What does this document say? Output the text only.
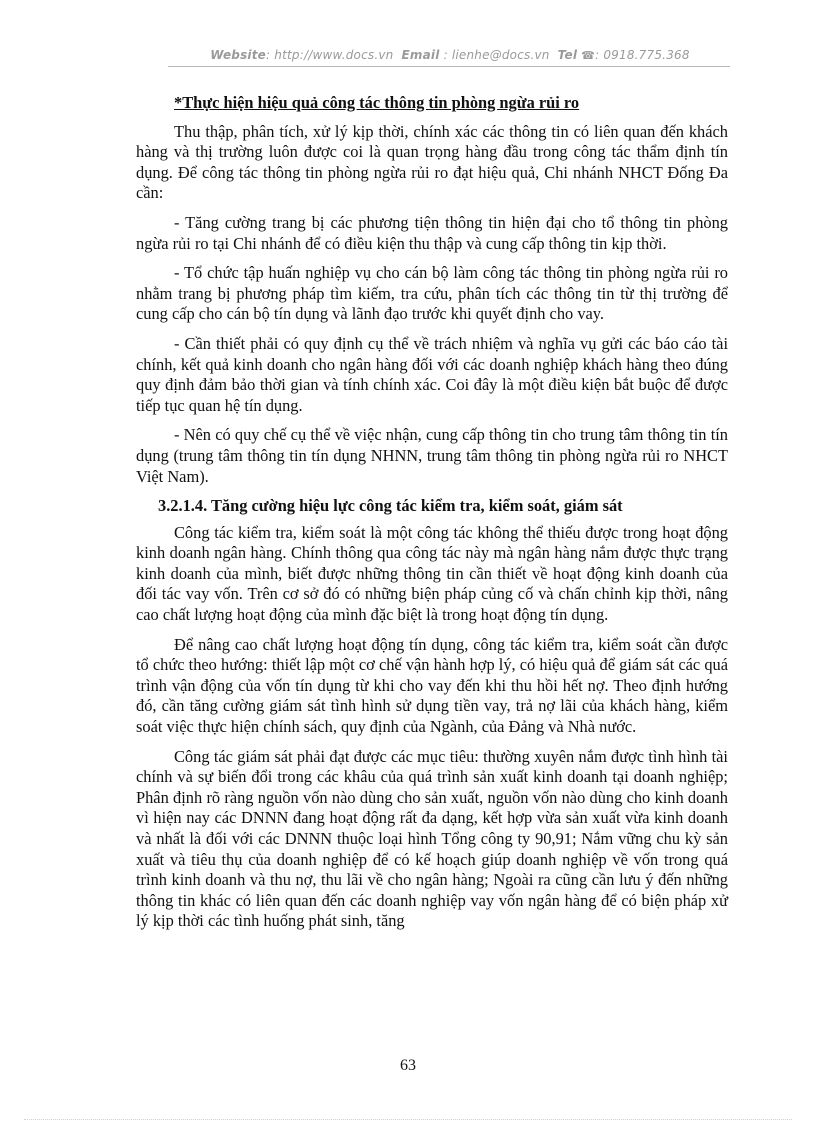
Website: http://www.docs.vn Email : lienhe@docs.vn Tel ☎: 0918.775.368

*Thực hiện hiệu quả công tác thông tin phòng ngừa rủi ro

Thu thập, phân tích, xử lý kịp thời, chính xác các thông tin có liên quan đến khách hàng và thị trường luôn được coi là quan trọng hàng đầu trong công tác thẩm định tín dụng. Để công tác thông tin phòng ngừa rủi ro đạt hiệu quả, Chi nhánh NHCT Đống Đa cần:

- Tăng cường trang bị các phương tiện thông tin hiện đại cho tổ thông tin phòng ngừa rủi ro tại Chi nhánh để có điều kiện thu thập và cung cấp thông tin kịp thời.

- Tổ chức tập huấn nghiệp vụ cho cán bộ làm công tác thông tin phòng ngừa rủi ro nhằm trang bị phương pháp tìm kiếm, tra cứu, phân tích các thông tin từ thị trường để cung cấp cho cán bộ tín dụng và lãnh đạo trước khi quyết định cho vay.

- Cần thiết phải có quy định cụ thể về trách nhiệm và nghĩa vụ gửi các báo cáo tài chính, kết quả kinh doanh cho ngân hàng đối với các doanh nghiệp khách hàng theo đúng quy định đảm bảo thời gian và tính chính xác. Coi đây là một điều kiện bắt buộc để được tiếp tục quan hệ tín dụng.

- Nên có quy chế cụ thể về việc nhận, cung cấp thông tin cho trung tâm thông tin tín dụng (trung tâm thông tin tín dụng NHNN, trung tâm thông tin phòng ngừa rủi ro NHCT Việt Nam).

3.2.1.4. Tăng cường hiệu lực công tác kiểm tra, kiểm soát, giám sát

Công tác kiểm tra, kiểm soát là một công tác không thể thiếu được trong hoạt động kinh doanh ngân hàng. Chính thông qua công tác này mà ngân hàng nắm được thực trạng kinh doanh của mình, biết được những thông tin cần thiết về hoạt động kinh doanh của đối tác vay vốn. Trên cơ sở đó có những biện pháp củng cố và chấn chỉnh kịp thời, nâng cao chất lượng hoạt động của mình đặc biệt là trong hoạt động tín dụng.

Để nâng cao chất lượng hoạt động tín dụng, công tác kiểm tra, kiểm soát cần được tổ chức theo hướng: thiết lập một cơ chế vận hành hợp lý, có hiệu quả để giám sát các quá trình vận động của vốn tín dụng từ khi cho vay đến khi thu hồi hết nợ. Theo định hướng đó, cần tăng cường giám sát tình hình sử dụng tiền vay, trả nợ lãi của khách hàng, kiểm soát việc thực hiện chính sách, quy định của Ngành, của Đảng và Nhà nước.

Công tác giám sát phải đạt được các mục tiêu: thường xuyên nắm được tình hình tài chính và sự biến đổi trong các khâu của quá trình sản xuất kinh doanh tại doanh nghiệp; Phân định rõ ràng nguồn vốn nào dùng cho sản xuất, nguồn vốn nào dùng cho kinh doanh vì hiện nay các DNNN đang hoạt động rất đa dạng, kết hợp vừa sản xuất vừa kinh doanh và nhất là đối với các DNNN thuộc loại hình Tổng công ty 90,91; Nắm vững chu kỳ sản xuất và tiêu thụ của doanh nghiệp để có kế hoạch giúp doanh nghiệp về vốn trong quá trình kinh doanh và thu nợ, thu lãi về cho ngân hàng; Ngoài ra cũng cần lưu ý đến những thông tin khác có liên quan đến các doanh nghiệp vay vốn ngân hàng để có biện pháp xử lý kịp thời các tình huống phát sinh, tăng

63
